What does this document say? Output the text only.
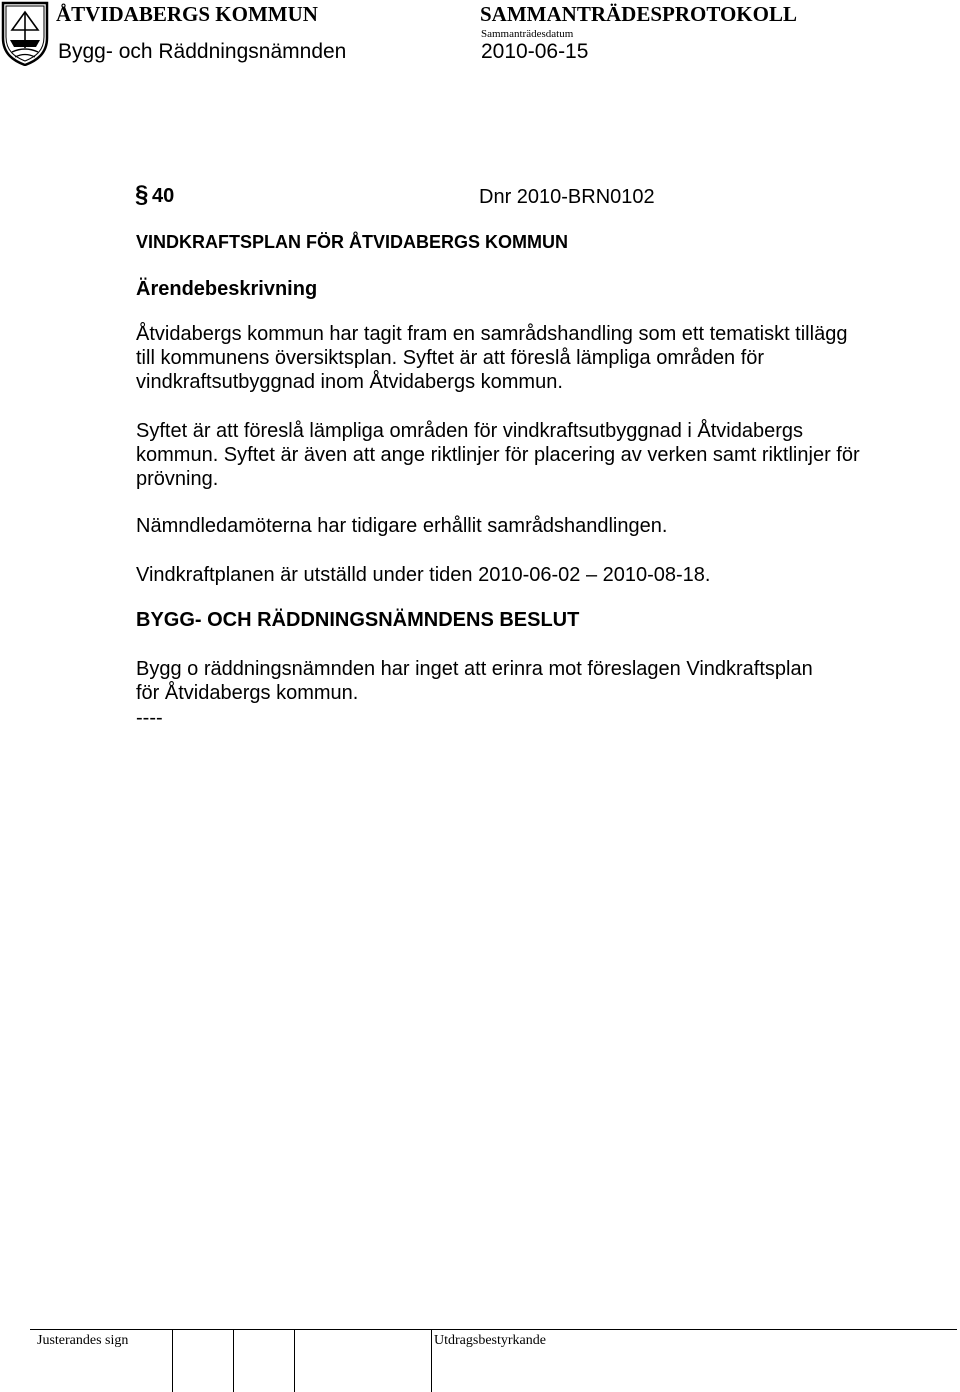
ÅTVIDABERGS KOMMUN	SAMMANTRÄDESPROTOKOLL
Bygg- och Räddningsnämnden
Sammanträdesdatum
2010-06-15
§ 40	Dnr 2010-BRN0102
VINDKRAFTSPLAN FÖR ÅTVIDABERGS KOMMUN
Ärendebeskrivning
Åtvidabergs kommun har tagit fram en samrådshandling som ett tematiskt tillägg
till kommunens översiktsplan. Syftet är att föreslå lämpliga områden för
vindkraftsutbyggnad inom Åtvidabergs kommun.
Syftet är att föreslå lämpliga områden för vindkraftsutbyggnad i Åtvidabergs
kommun. Syftet är även att ange riktlinjer för placering av verken samt riktlinjer för
prövning.
Nämndledamöterna har tidigare erhållit samrådshandlingen.
Vindkraftplanen är utställd under tiden 2010-06-02 – 2010-08-18.
BYGG- OCH RÄDDNINGSNÄMNDENS BESLUT
Bygg o räddningsnämnden har inget att erinra mot föreslagen Vindkraftsplan
för Åtvidabergs kommun.
----
Justerandes sign	Utdragsbestyrkande
